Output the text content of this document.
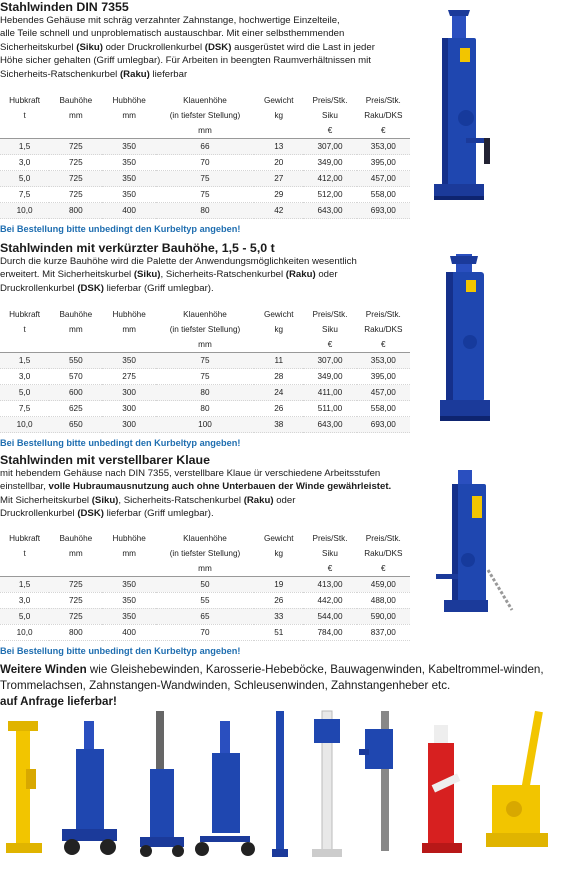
Stahlwinden DIN 7355
Hebendes Gehäuse mit schräg verzahnter Zahnstange, hochwertige Einzelteile,
alle Teile schnell und unproblematisch austauschbar. Mit einer selbsthemmenden
Sicherheitskurbel (Siku) oder Druckrollenkurbel (DSK) ausgerüstet wird die Last in jeder
Höhe sicher gehalten (Griff umlegbar). Für Arbeiten in beengten Raumverhältnissen mit
Sicherheits-Ratschenkurbel (Raku) lieferbar
Hubkraft	Bauhöhe	Hubhöhe	Klauenhöhe	Gewicht	Preis/Stk.	Preis/Stk.
t	mm	mm	(in tiefster Stellung)	kg	Siku	Raku/DKS
			mm		€	€
1,5	725	350	66	13	307,00	353,00
3,0	725	350	70	20	349,00	395,00
5,0	725	350	75	27	412,00	457,00
7,5	725	350	75	29	512,00	558,00
10,0	800	400	80	42	643,00	693,00

Bei Bestellung bitte unbedingt den Kurbeltyp angeben!

Stahlwinden mit verkürzter Bauhöhe, 1,5 - 5,0 t
Durch die kurze Bauhöhe wird die Palette der Anwendungsmöglichkeiten wesentlich
erweitert. Mit Sicherheitskurbel (Siku), Sicherheits-Ratschenkurbel (Raku) oder
Druckrollenkurbel (DSK) lieferbar (Griff umlegbar).
Hubkraft	Bauhöhe	Hubhöhe	Klauenhöhe	Gewicht	Preis/Stk.	Preis/Stk.
t	mm	mm	(in tiefster Stellung)	kg	Siku	Raku/DKS
			mm		€	€
1,5	550	350	75	11	307,00	353,00
3,0	570	275	75	28	349,00	395,00
5,0	600	300	80	24	411,00	457,00
7,5	625	300	80	26	511,00	558,00
10,0	650	300	100	38	643,00	693,00

Bei Bestellung bitte unbedingt den Kurbeltyp angeben!

Stahlwinden mit verstellbarer Klaue
mit hebendem Gehäuse nach DIN 7355, verstellbare Klaue ür verschiedene Arbeitsstufen
einstellbar, volle Hubraumausnutzung auch ohne Unterbauen der Winde gewährleistet.
Mit Sicherheitskurbel (Siku), Sicherheits-Ratschenkurbel (Raku) oder
Druckrollenkurbel (DSK) lieferbar (Griff umlegbar).
Hubkraft	Bauhöhe	Hubhöhe	Klauenhöhe	Gewicht	Preis/Stk.	Preis/Stk.
t	mm	mm	(in tiefster Stellung)	kg	Siku	Raku/DKS
			mm		€	€
1,5	725	350	50	19	413,00	459,00
3,0	725	350	55	26	442,00	488,00
5,0	725	350	65	33	544,00	590,00
10,0	800	400	70	51	784,00	837,00

Bei Bestellung bitte unbedingt den Kurbeltyp angeben!

Weitere Winden wie Gleishebewinden, Karosserie-Hebeböcke, Bauwagenwinden, Kabeltrommel-winden, Trommelachsen, Zahnstangen-Wandwinden, Schleusenwinden, Zahnstangenheber etc.
auf Anfrage lieferbar!
